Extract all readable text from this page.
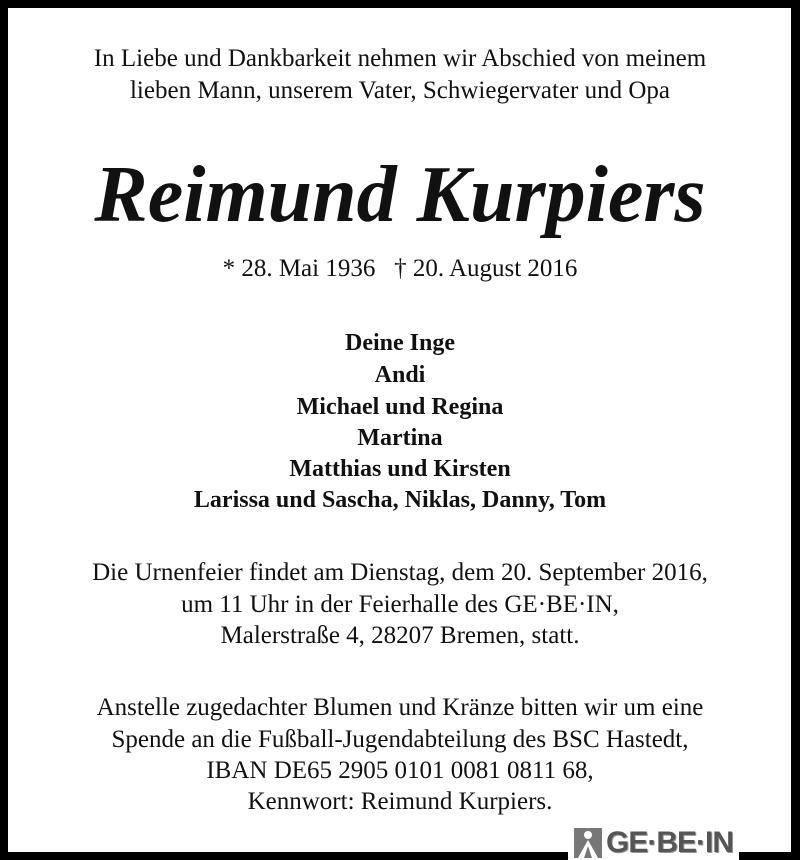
In Liebe und Dankbarkeit nehmen wir Abschied von meinem
lieben Mann, unserem Vater, Schwiegervater und Opa
Reimund Kurpiers
* 28. Mai 1936   † 20. August 2016
Deine Inge
Andi
Michael und Regina
Martina
Matthias und Kirsten
Larissa und Sascha, Niklas, Danny, Tom
Die Urnenfeier findet am Dienstag, dem 20. September 2016,
um 11 Uhr in der Feierhalle des GE·BE·IN,
Malerstraße 4, 28207 Bremen, statt.
Anstelle zugedachter Blumen und Kränze bitten wir um eine
Spende an die Fußball-Jugendabteilung des BSC Hastedt,
IBAN DE65 2905 0101 0081 0811 68,
Kennwort: Reimund Kurpiers.
GE·BE·IN
